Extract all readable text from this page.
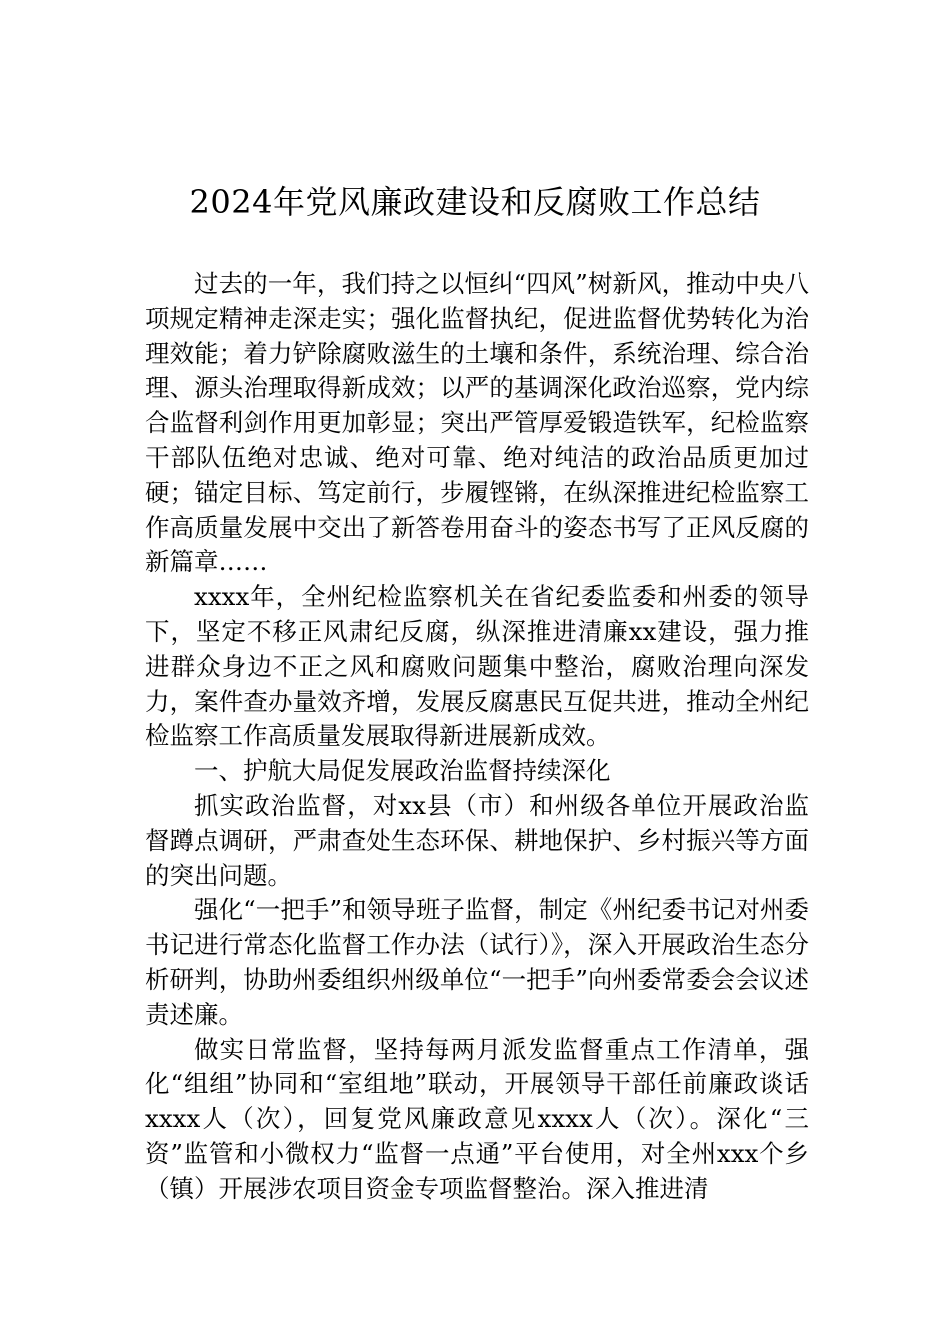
2024年党风廉政建设和反腐败工作总结

过去的一年，我们持之以恒纠“四风”树新风，推动中央八项规定精神走深走实；强化监督执纪，促进监督优势转化为治理效能；着力铲除腐败滋生的土壤和条件，系统治理、综合治理、源头治理取得新成效；以严的基调深化政治巡察，党内综合监督利剑作用更加彰显；突出严管厚爱锻造铁军，纪检监察干部队伍绝对忠诚、绝对可靠、绝对纯洁的政治品质更加过硬；锚定目标、笃定前行，步履铿锵，在纵深推进纪检监察工作高质量发展中交出了新答卷用奋斗的姿态书写了正风反腐的新篇章……

xxxx年，全州纪检监察机关在省纪委监委和州委的领导下，坚定不移正风肃纪反腐，纵深推进清廉xx建设，强力推进群众身边不正之风和腐败问题集中整治，腐败治理向深发力，案件查办量效齐增，发展反腐惠民互促共进，推动全州纪检监察工作高质量发展取得新进展新成效。

一、护航大局促发展政治监督持续深化

抓实政治监督，对xx县（市）和州级各单位开展政治监督蹲点调研，严肃查处生态环保、耕地保护、乡村振兴等方面的突出问题。

强化“一把手”和领导班子监督，制定《州纪委书记对州委书记进行常态化监督工作办法（试行）》，深入开展政治生态分析研判，协助州委组织州级单位“一把手”向州委常委会会议述责述廉。

做实日常监督，坚持每两月派发监督重点工作清单，强化“组组”协同和“室组地”联动，开展领导干部任前廉政谈话xxxx人（次），回复党风廉政意见xxxx人（次）。深化“三资”监管和小微权力“监督一点通”平台使用，对全州xxx个乡（镇）开展涉农项目资金专项监督整治。深入推进清
